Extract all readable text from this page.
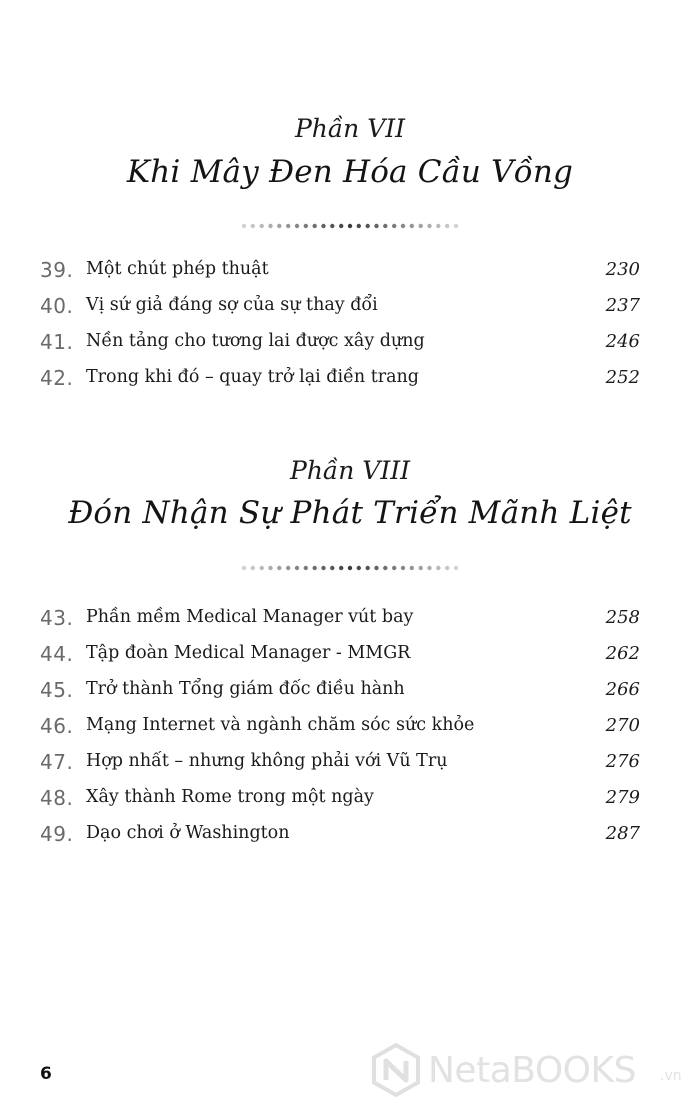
Phần VII
Khi Mây Đen Hóa Cầu Vồng
39. Một chút phép thuật	230
40. Vị sứ giả đáng sợ của sự thay đổi	237
41. Nền tảng cho tương lai được xây dựng	246
42. Trong khi đó – quay trở lại điền trang	252
Phần VIII
Đón Nhận Sự Phát Triển Mãnh Liệt
43. Phần mềm Medical Manager vút bay	258
44. Tập đoàn Medical Manager - MMGR	262
45. Trở thành Tổng giám đốc điều hành	266
46. Mạng Internet và ngành chăm sóc sức khỏe	270
47. Hợp nhất – nhưng không phải với Vũ Trụ	276
48. Xây thành Rome trong một ngày	279
49. Dạo chơi ở Washington	287
6	NetaBOOKS .vn
